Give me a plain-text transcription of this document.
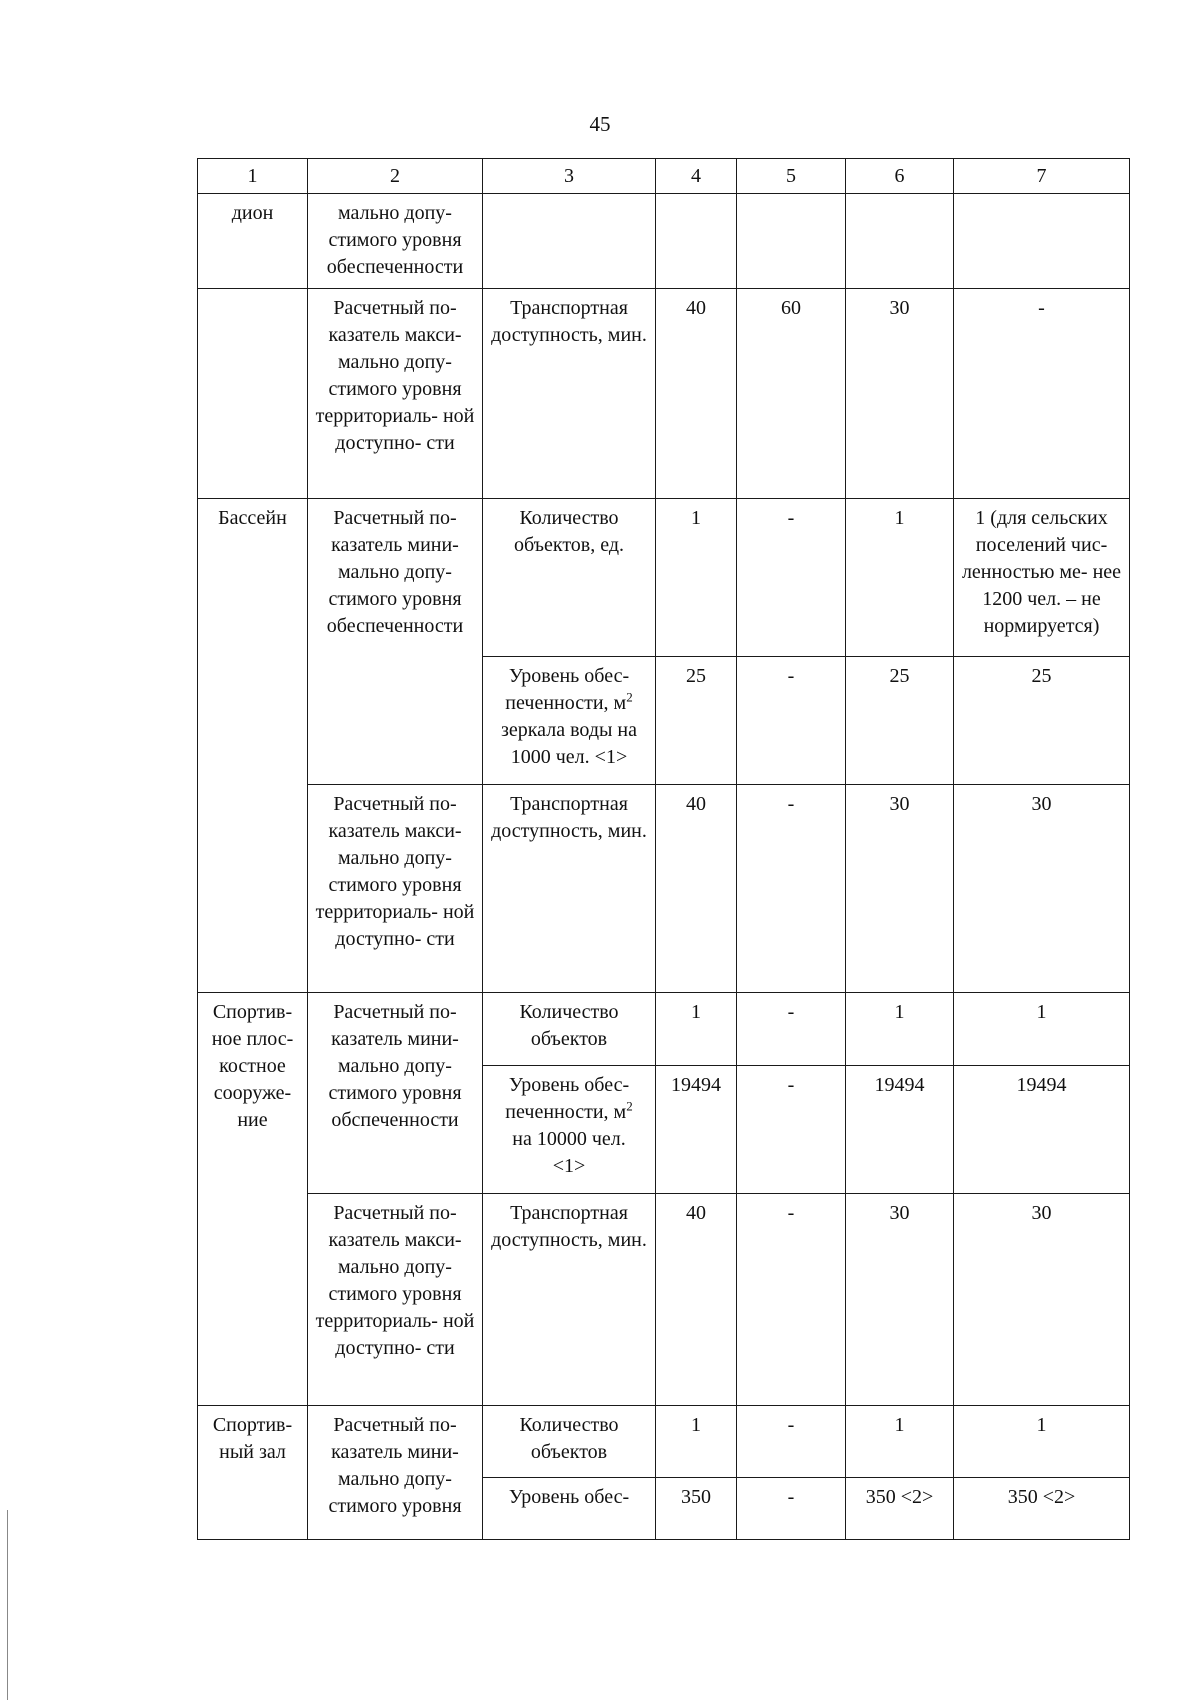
45
1	2	3	4	5	6	7
дион	мально допу- стимого уровня обеспеченности					
	Расчетный по- казатель макси- мально допу- стимого уровня территориаль- ной доступно- сти	Транспортная доступность, мин.	40	60	30	-
Бассейн	Расчетный по- казатель мини- мально допу- стимого уровня обеспеченности	Количество объектов, ед.	1	-	1	1 (для сельских поселений чис- ленностью ме- нее 1200 чел. – не нормируется)
		Уровень обес-
печенности, $м^2$
зеркала воды на
1000 чел. <1>	25	-	25	25
	Расчетный по- казатель макси- мально допу- стимого уровня территориаль- ной доступно- сти	Транспортная доступность, мин.	40	-	30	30
Спортив- ное плос- костное сооруже- ние	Расчетный по- казатель мини- мально допу- стимого уровня обспеченности	Количество объектов	1	-	1	1
		Уровень обес-
печенности, $м^2$
на 10000 чел.
<1>	19494	-	19494	19494
	Расчетный по- казатель макси- мально допу- стимого уровня территориаль- ной доступно- сти	Транспортная доступность, мин.	40	-	30	30
Спортив- ный зал	Расчетный по- казатель мини- мально допу- стимого уровня	Количество объектов	1	-	1	1
		Уровень обес-	350	-	350 <2>	350 <2>
